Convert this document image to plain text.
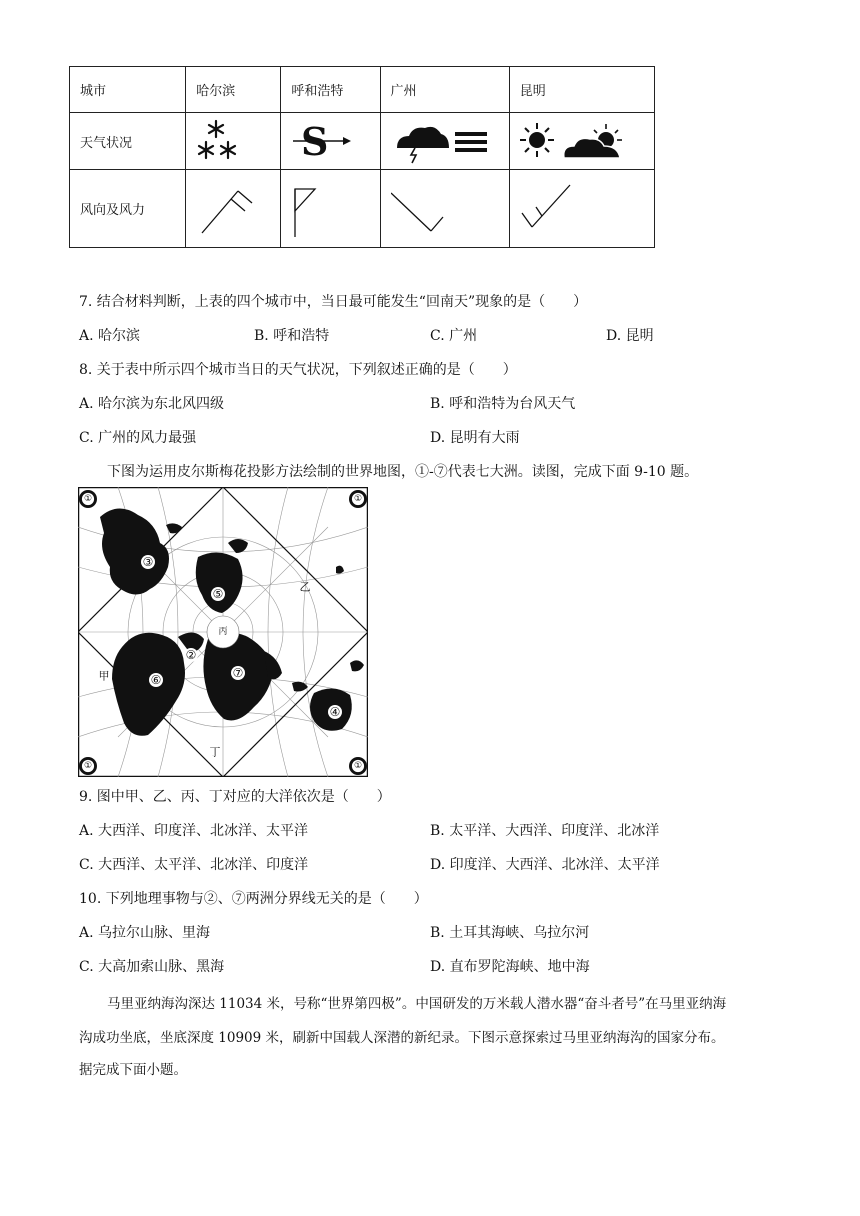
城市	哈尔滨	呼和浩特	广州	昆明
天气状况		S

风向及风力	

7. 结合材料判断，上表的四个城市中，当日最可能发生“回南天”现象的是（　　）
A. 哈尔滨	B. 呼和浩特	C. 广州	D. 昆明
8. 关于表中所示四个城市当日的天气状况，下列叙述正确的是（　　）
A. 哈尔滨为东北风四级	B. 呼和浩特为台风天气
C. 广州的风力最强	D. 昆明有大雨
下图为运用皮尔斯梅花投影方法绘制的世界地图，①-⑦代表七大洲。读图，完成下面 9-10 题。
①	①
①	①
③
⑤
②
⑥	⑦
④
甲
乙
丙
丁
9. 图中甲、乙、丙、丁对应的大洋依次是（　　）
A. 大西洋、印度洋、北冰洋、太平洋	B. 太平洋、大西洋、印度洋、北冰洋
C. 大西洋、太平洋、北冰洋、印度洋	D. 印度洋、大西洋、北冰洋、太平洋
10. 下列地理事物与②、⑦两洲分界线无关的是（　　）
A. 乌拉尔山脉、里海	B. 土耳其海峡、乌拉尔河
C. 大高加索山脉、黑海	D. 直布罗陀海峡、地中海
马里亚纳海沟深达 11034 米，号称“世界第四极”。中国研发的万米载人潜水器“奋斗者号”在马里亚纳海
沟成功坐底，坐底深度 10909 米，刷新中国载人深潜的新纪录。下图示意探索过马里亚纳海沟的国家分布。
据完成下面小题。
